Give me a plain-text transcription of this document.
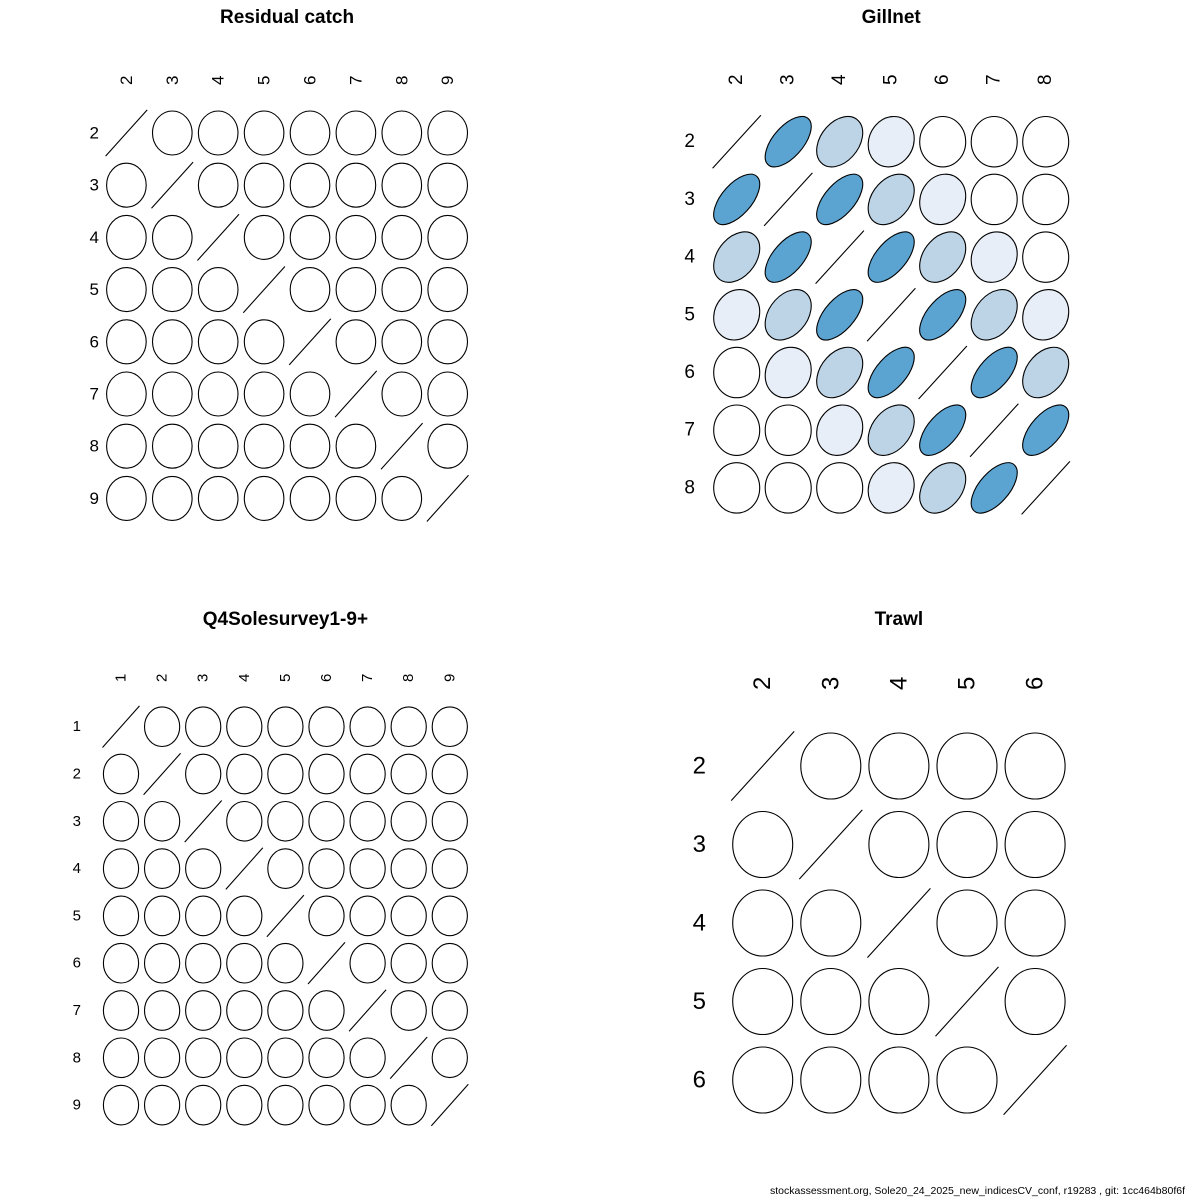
2
2
3
3
4
4
5
5
6
6
7
7
8
8
9
9
2
2
3
3
4
4
5
5
6
6
7
7
8
8
1
1
2
2
3
3
4
4
5
5
6
6
7
7
8
8
9
9
2
2
3
3
4
4
5
5
6
6
Residual catch	Gillnet
Q4Solesurvey1-9+	Trawl
stockassessment.org, Sole20_24_2025_new_indicesCV_conf, r19283 , git: 1cc464b80f6f
